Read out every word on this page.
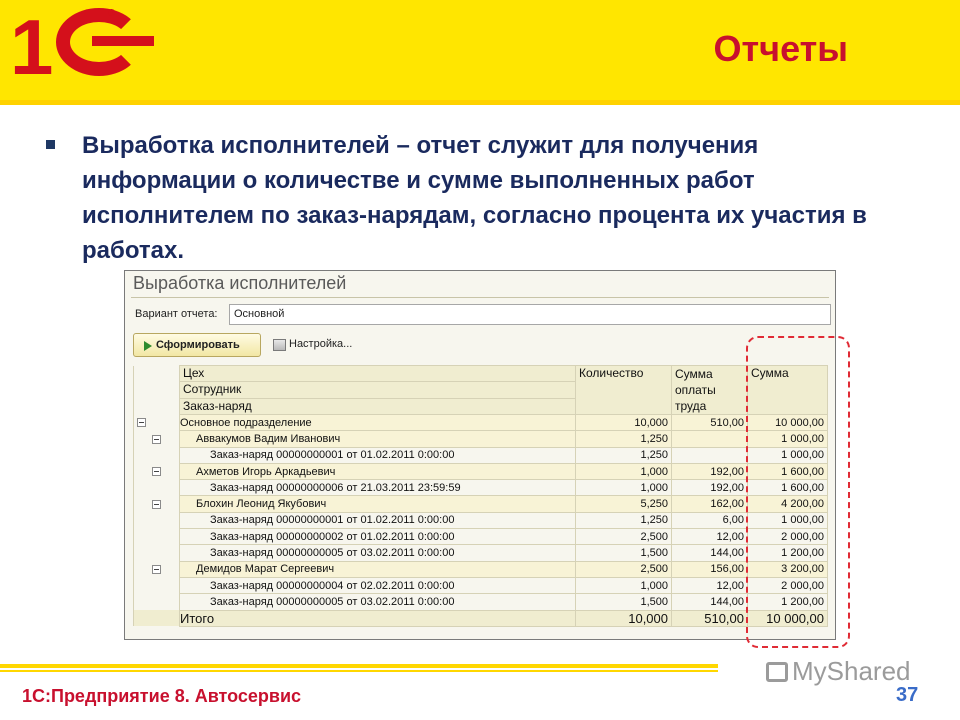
1	®
Отчеты
Выработка исполнителей – отчет служит для получения информации о количестве и сумме выполненных работ исполнителем по заказ-нарядам, согласно процента их участия в работах.
Выработка исполнителей
Вариант отчета:	Основной
Сформировать	Настройка...
	Цех	Количество	Сумма оплаты труда	Сумма
	Сотрудник			
	Заказ-наряд			
	Основное подразделение	10,000	510,00	10 000,00
	Аввакумов Вадим Иванович	1,250		1 000,00
	Заказ-наряд 00000000001 от 01.02.2011 0:00:00	1,250		1 000,00
	Ахметов Игорь Аркадьевич	1,000	192,00	1 600,00
	Заказ-наряд 00000000006 от 21.03.2011 23:59:59	1,000	192,00	1 600,00
	Блохин Леонид Якубович	5,250	162,00	4 200,00
	Заказ-наряд 00000000001 от 01.02.2011 0:00:00	1,250	6,00	1 000,00
	Заказ-наряд 00000000002 от 01.02.2011 0:00:00	2,500	12,00	2 000,00
	Заказ-наряд 00000000005 от 03.02.2011 0:00:00	1,500	144,00	1 200,00
	Демидов Марат Сергеевич	2,500	156,00	3 200,00
	Заказ-наряд 00000000004 от 02.02.2011 0:00:00	1,000	12,00	2 000,00
	Заказ-наряд 00000000005 от 03.02.2011 0:00:00	1,500	144,00	1 200,00
	Итого	10,000	510,00	10 000,00
1С:Предприятие 8. Автосервис
MyShared
37
